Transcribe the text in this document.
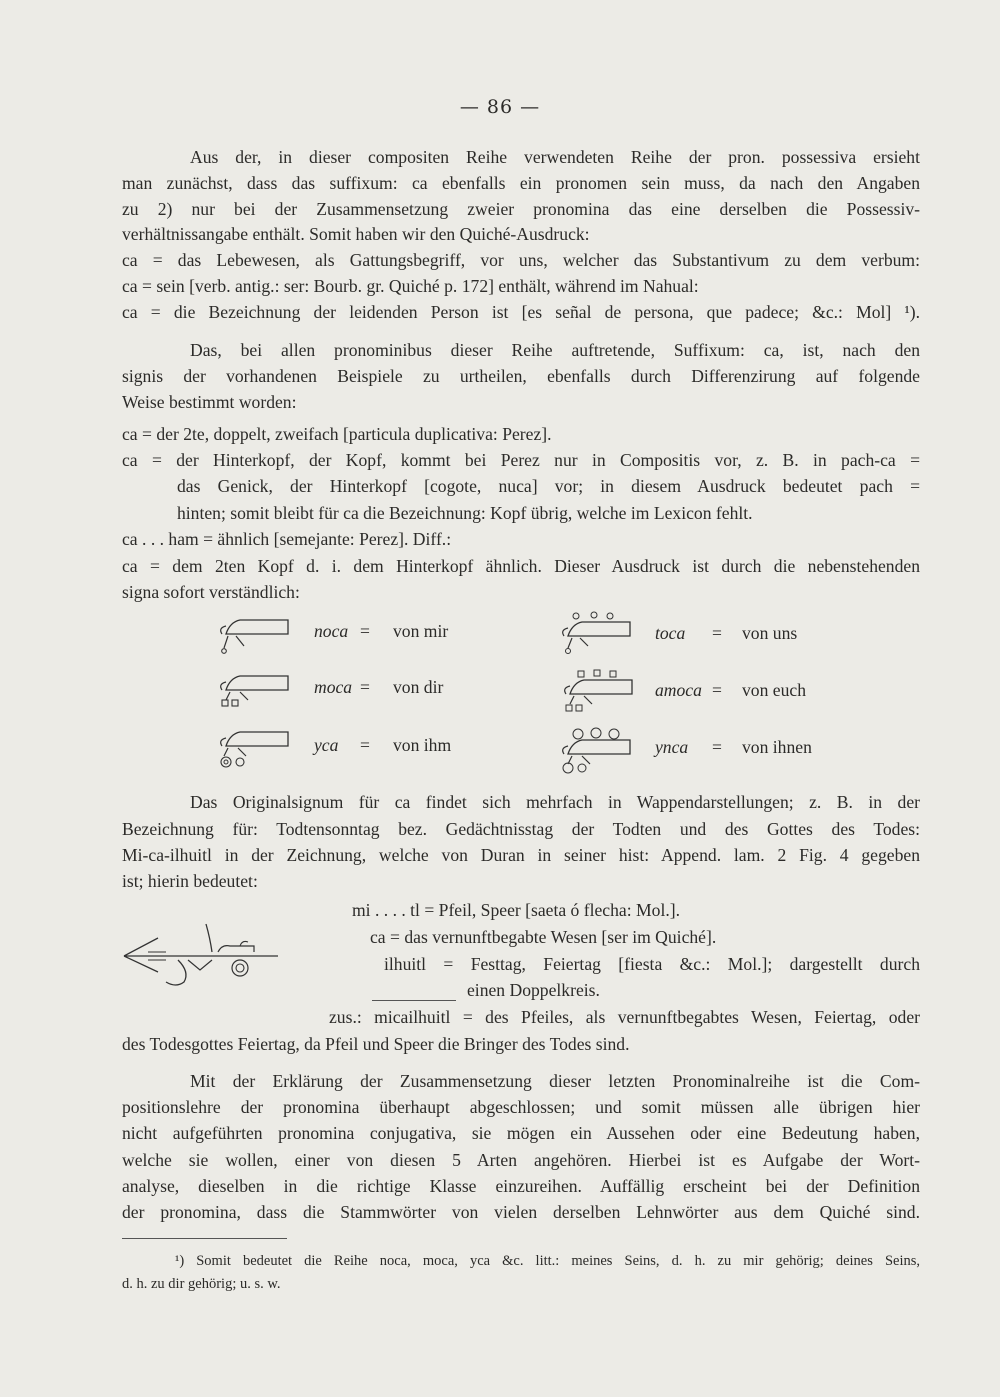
— 86 —
Aus der, in dieser compositen Reihe verwendeten Reihe der pron. possessiva ersieht
man zunächst, dass das suffixum: ca ebenfalls ein pronomen sein muss, da nach den Angaben
zu 2) nur bei der Zusammensetzung zweier pronomina das eine derselben die Possessiv-
verhältnissangabe enthält. Somit haben wir den Quiché-Ausdruck:
ca = das Lebewesen, als Gattungsbegriff, vor uns, welcher das Substantivum zu dem verbum:
ca = sein [verb. antig.: ser: Bourb. gr. Quiché p. 172] enthält, während im Nahual:
ca = die Bezeichnung der leidenden Person ist [es señal de persona, que padece; &c.: Mol] ¹).
Das, bei allen pronominibus dieser Reihe auftretende, Suffixum: ca, ist, nach den
signis der vorhandenen Beispiele zu urtheilen, ebenfalls durch Differenzirung auf folgende
Weise bestimmt worden:
ca = der 2te, doppelt, zweifach [particula duplicativa: Perez].
ca = der Hinterkopf, der Kopf, kommt bei Perez nur in Compositis vor, z. B. in pach-ca =
das Genick, der Hinterkopf [cogote, nuca] vor; in diesem Ausdruck bedeutet pach =
hinten; somit bleibt für ca die Bezeichnung: Kopf übrig, welche im Lexicon fehlt.
ca . . . ham = ähnlich [semejante: Perez]. Diff.:
ca = dem 2ten Kopf d. i. dem Hinterkopf ähnlich. Dieser Ausdruck ist durch die nebenstehenden
signa sofort verständlich:
noca = von mir
moca = von dir
yca = von ihm
toca = von uns
amoca = von euch
ynca = von ihnen
Das Originalsignum für ca findet sich mehrfach in Wappendarstellungen; z. B. in der
Bezeichnung für: Todtensonntag bez. Gedächtnisstag der Todten und des Gottes des Todes:
Mi-ca-ilhuitl in der Zeichnung, welche von Duran in seiner hist: Append. lam. 2 Fig. 4 gegeben
ist; hierin bedeutet:
mi . . . . tl = Pfeil, Speer [saeta ó flecha: Mol.].
ca = das vernunftbegabte Wesen [ser im Quiché].
ilhuitl = Festtag, Feiertag [fiesta &c.: Mol.]; dargestellt durch
einen Doppelkreis.
zus.: micailhuitl = des Pfeiles, als vernunftbegabtes Wesen, Feiertag, oder
des Todesgottes Feiertag, da Pfeil und Speer die Bringer des Todes sind.
Mit der Erklärung der Zusammensetzung dieser letzten Pronominalreihe ist die Com-
positionslehre der pronomina überhaupt abgeschlossen; und somit müssen alle übrigen hier
nicht aufgeführten pronomina conjugativa, sie mögen ein Aussehen oder eine Bedeutung haben,
welche sie wollen, einer von diesen 5 Arten angehören. Hierbei ist es Aufgabe der Wort-
analyse, dieselben in die richtige Klasse einzureihen. Auffällig erscheint bei der Definition
der pronomina, dass die Stammwörter von vielen derselben Lehnwörter aus dem Quiché sind.
¹) Somit bedeutet die Reihe noca, moca, yca &c. litt.: meines Seins, d. h. zu mir gehörig; deines Seins,
d. h. zu dir gehörig; u. s. w.
